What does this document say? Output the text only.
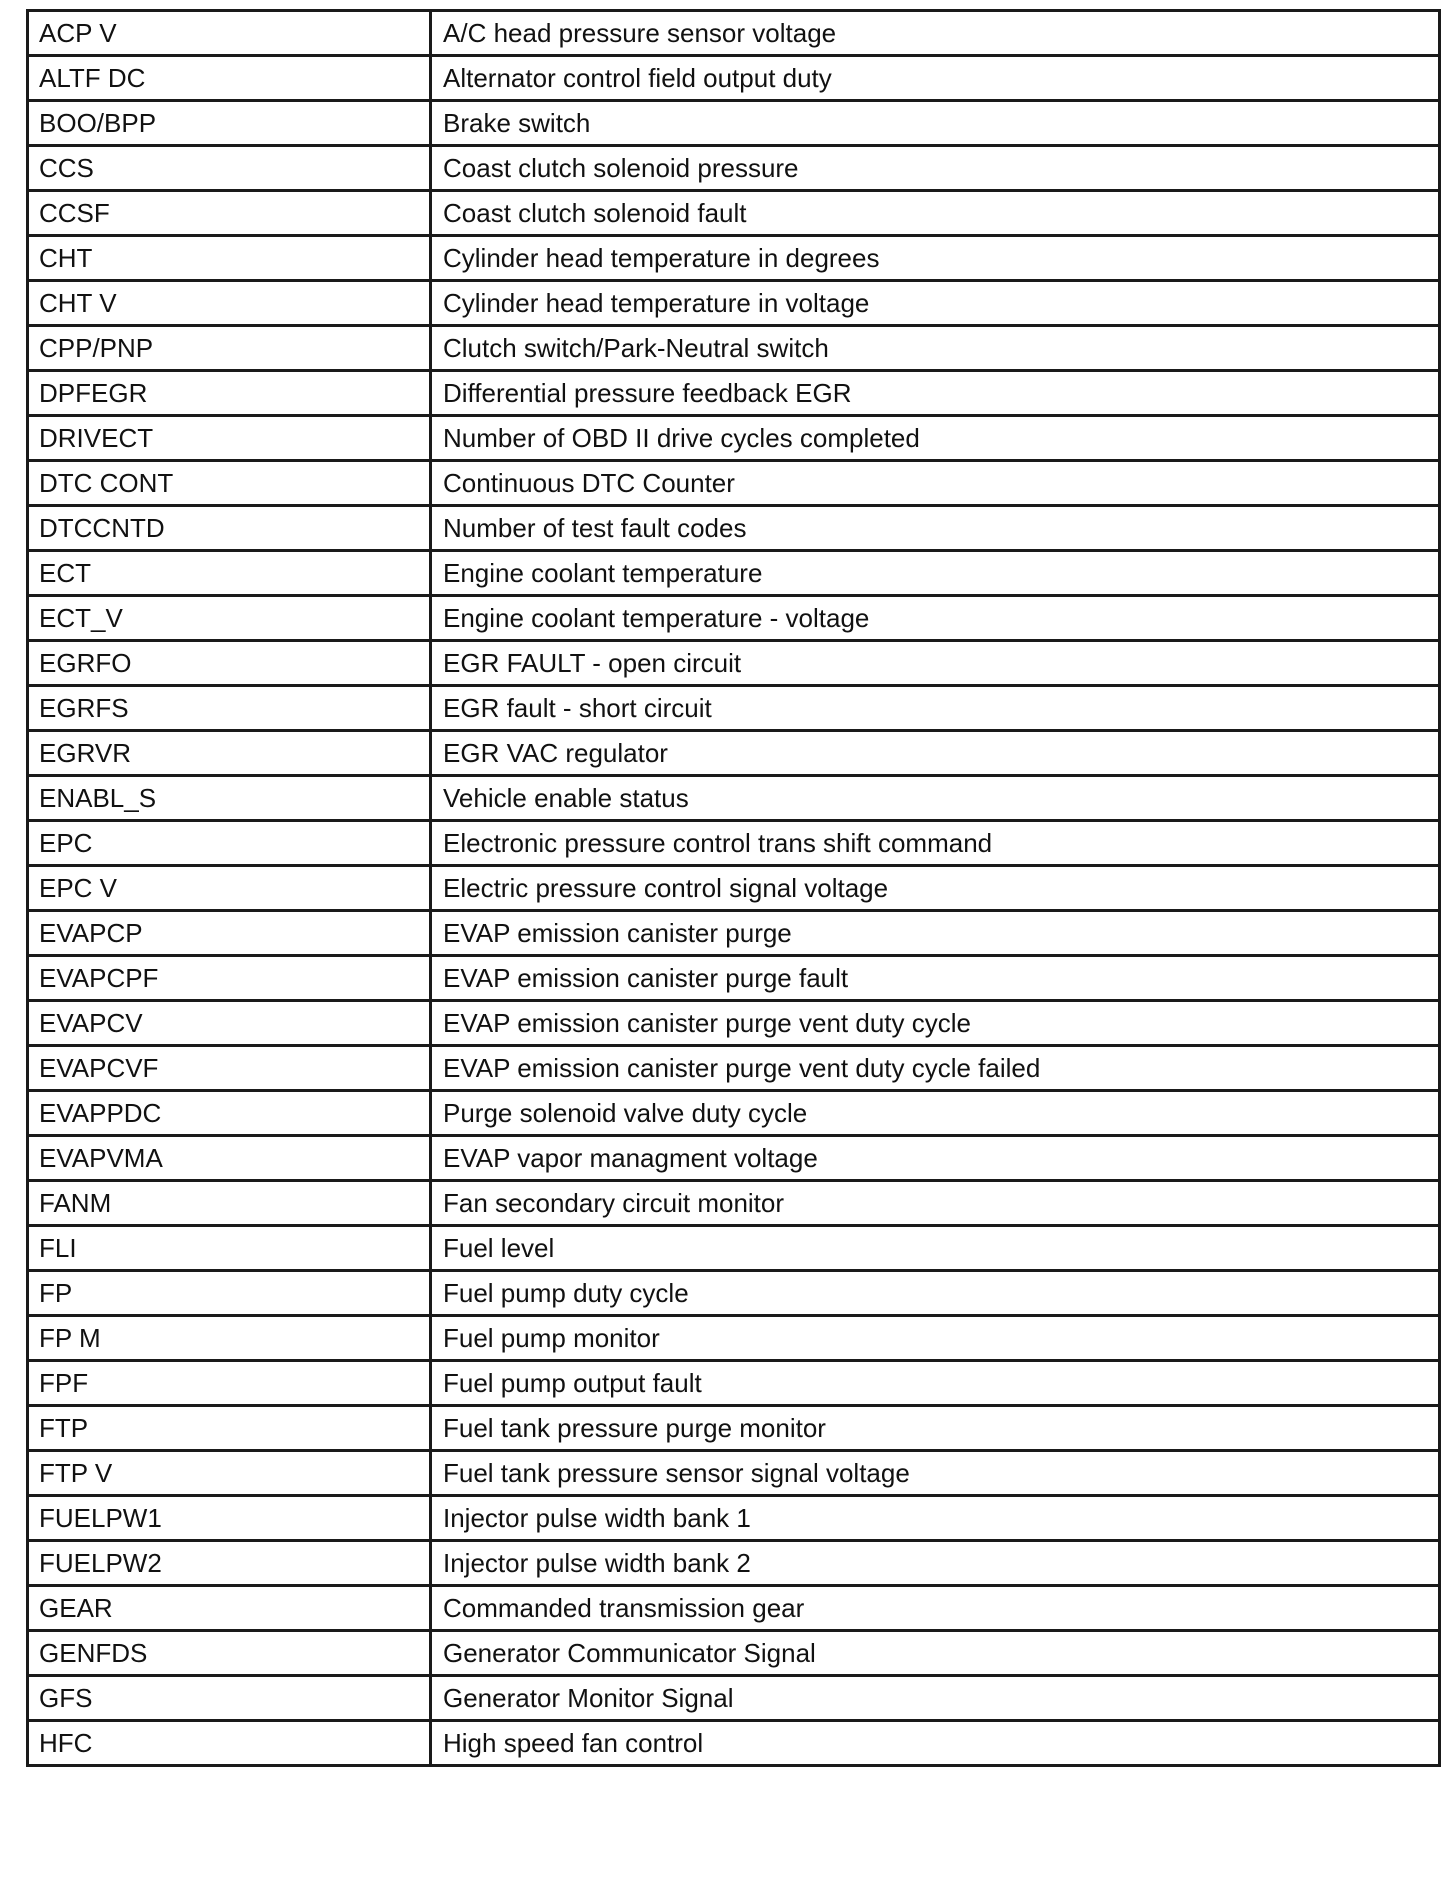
ACP V	A/C head pressure sensor voltage
ALTF DC	Alternator control field output duty
BOO/BPP	Brake switch
CCS	Coast clutch solenoid pressure
CCSF	Coast clutch solenoid fault
CHT	Cylinder head temperature in degrees
CHT V	Cylinder head temperature in voltage
CPP/PNP	Clutch switch/Park-Neutral switch
DPFEGR	Differential pressure feedback EGR
DRIVECT	Number of OBD II drive cycles completed
DTC CONT	Continuous DTC Counter
DTCCNTD	Number of test fault codes
ECT	Engine coolant temperature
ECT_V	Engine coolant temperature - voltage
EGRFO	EGR FAULT - open circuit
EGRFS	EGR fault - short circuit
EGRVR	EGR VAC regulator
ENABL_S	Vehicle enable status
EPC	Electronic pressure control trans shift command
EPC V	Electric pressure control signal voltage
EVAPCP	EVAP emission canister purge
EVAPCPF	EVAP emission canister purge fault
EVAPCV	EVAP emission canister purge vent duty cycle
EVAPCVF	EVAP emission canister purge vent duty cycle failed
EVAPPDC	Purge solenoid valve duty cycle
EVAPVMA	EVAP vapor managment voltage
FANM	Fan secondary circuit monitor
FLI	Fuel level
FP	Fuel pump duty cycle
FP M	Fuel pump monitor
FPF	Fuel pump output fault
FTP	Fuel tank pressure purge monitor
FTP V	Fuel tank pressure sensor signal voltage
FUELPW1	Injector pulse width bank 1
FUELPW2	Injector pulse width bank 2
GEAR	Commanded transmission gear
GENFDS	Generator Communicator Signal
GFS	Generator Monitor Signal
HFC	High speed fan control
